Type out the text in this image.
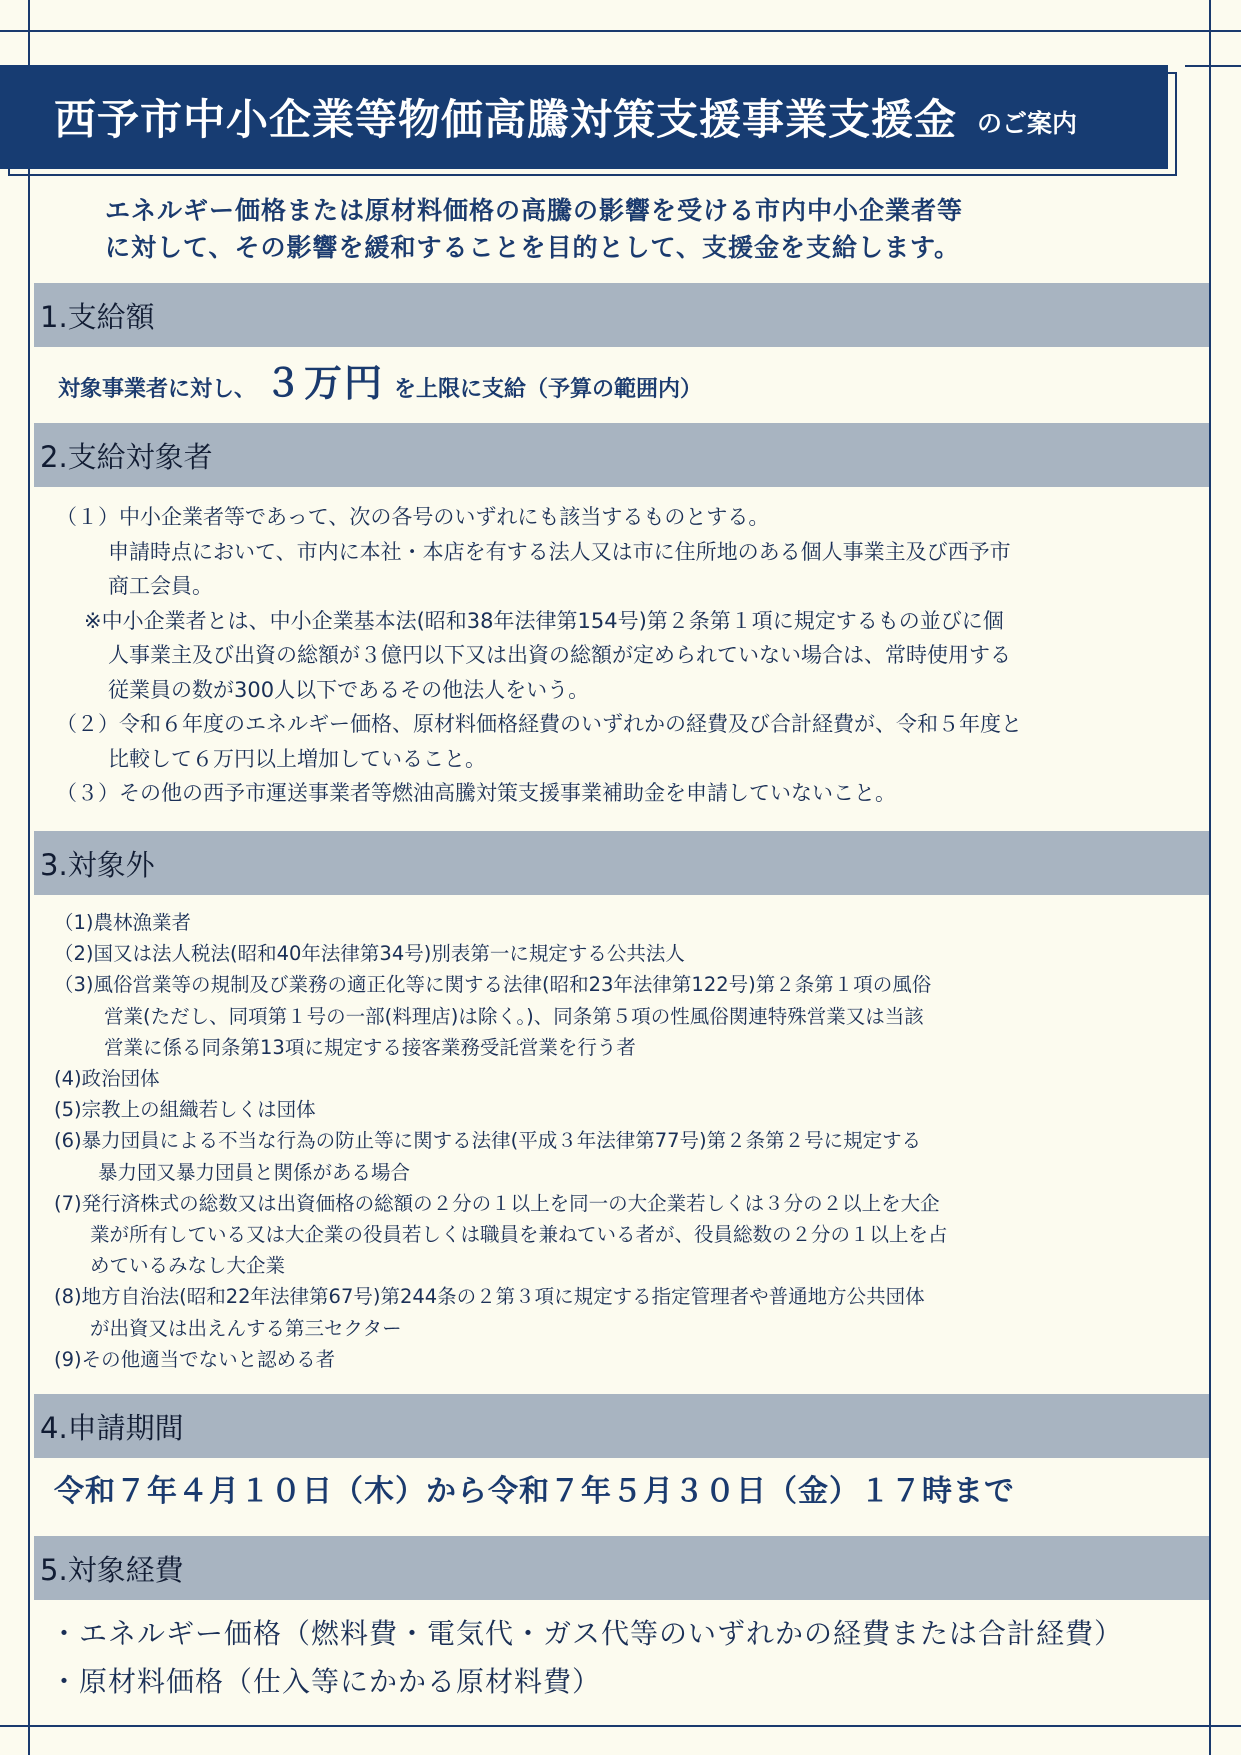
西予市中小企業等物価高騰対策支援事業支援金 のご案内
エネルギー価格または原材料価格の高騰の影響を受ける市内中小企業者等
に対して、その影響を緩和することを目的として、支援金を支給します。
1.支給額
対象事業者に対し、 ３万円 を上限に支給（予算の範囲内）
2.支給対象者
（１）中小企業者等であって、次の各号のいずれにも該当するものとする。
申請時点において、市内に本社・本店を有する法人又は市に住所地のある個人事業主及び西予市
商工会員。
※中小企業者とは、中小企業基本法(昭和38年法律第154号)第２条第１項に規定するもの並びに個
人事業主及び出資の総額が３億円以下又は出資の総額が定められていない場合は、常時使用する
従業員の数が300人以下であるその他法人をいう。
（２）令和６年度のエネルギー価格、原材料価格経費のいずれかの経費及び合計経費が、令和５年度と
比較して６万円以上増加していること。
（３）その他の西予市運送事業者等燃油高騰対策支援事業補助金を申請していないこと。
3.対象外
（1)農林漁業者
（2)国又は法人税法(昭和40年法律第34号)別表第一に規定する公共法人
（3)風俗営業等の規制及び業務の適正化等に関する法律(昭和23年法律第122号)第２条第１項の風俗
営業(ただし、同項第１号の一部(料理店)は除く。)、同条第５項の性風俗関連特殊営業又は当該
営業に係る同条第13項に規定する接客業務受託営業を行う者
(4)政治団体
(5)宗教上の組織若しくは団体
(6)暴力団員による不当な行為の防止等に関する法律(平成３年法律第77号)第２条第２号に規定する
暴力団又暴力団員と関係がある場合
(7)発行済株式の総数又は出資価格の総額の２分の１以上を同一の大企業若しくは３分の２以上を大企
業が所有している又は大企業の役員若しくは職員を兼ねている者が、役員総数の２分の１以上を占
めているみなし大企業
(8)地方自治法(昭和22年法律第67号)第244条の２第３項に規定する指定管理者や普通地方公共団体
が出資又は出えんする第三セクター
(9)その他適当でないと認める者
4.申請期間
令和７年４月１０日（木）から令和７年５月３０日（金）１７時まで
5.対象経費
・エネルギー価格（燃料費・電気代・ガス代等のいずれかの経費または合計経費）
・原材料価格（仕入等にかかる原材料費）
